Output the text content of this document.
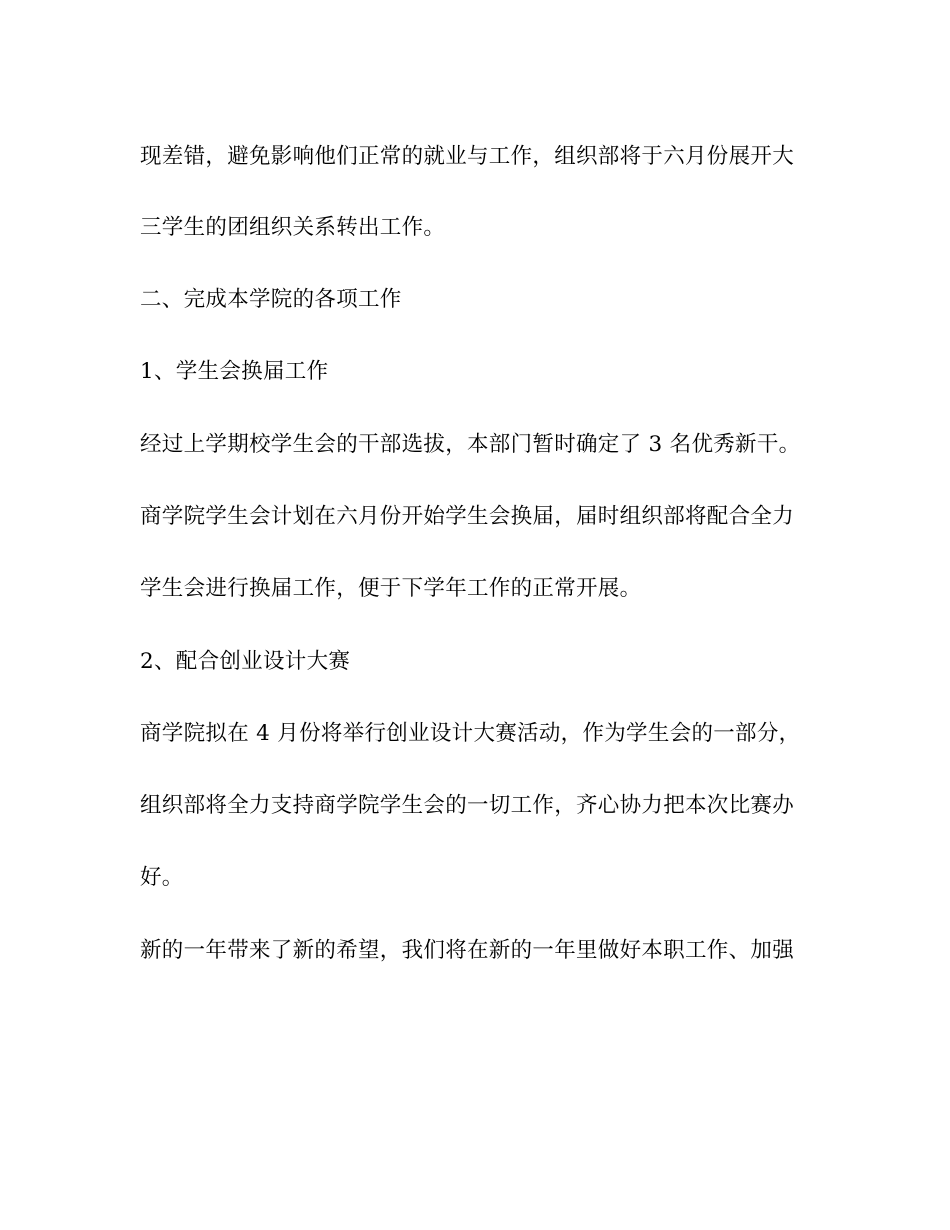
现差错，避免影响他们正常的就业与工作，组织部将于六月份展开大
三学生的团组织关系转出工作。
二、完成本学院的各项工作
1、学生会换届工作
经过上学期校学生会的干部选拔，本部门暂时确定了 3 名优秀新干。
商学院学生会计划在六月份开始学生会换届，届时组织部将配合全力
学生会进行换届工作，便于下学年工作的正常开展。
2、配合创业设计大赛
商学院拟在 4 月份将举行创业设计大赛活动，作为学生会的一部分，
组织部将全力支持商学院学生会的一切工作，齐心协力把本次比赛办
好。
新的一年带来了新的希望，我们将在新的一年里做好本职工作、加强
